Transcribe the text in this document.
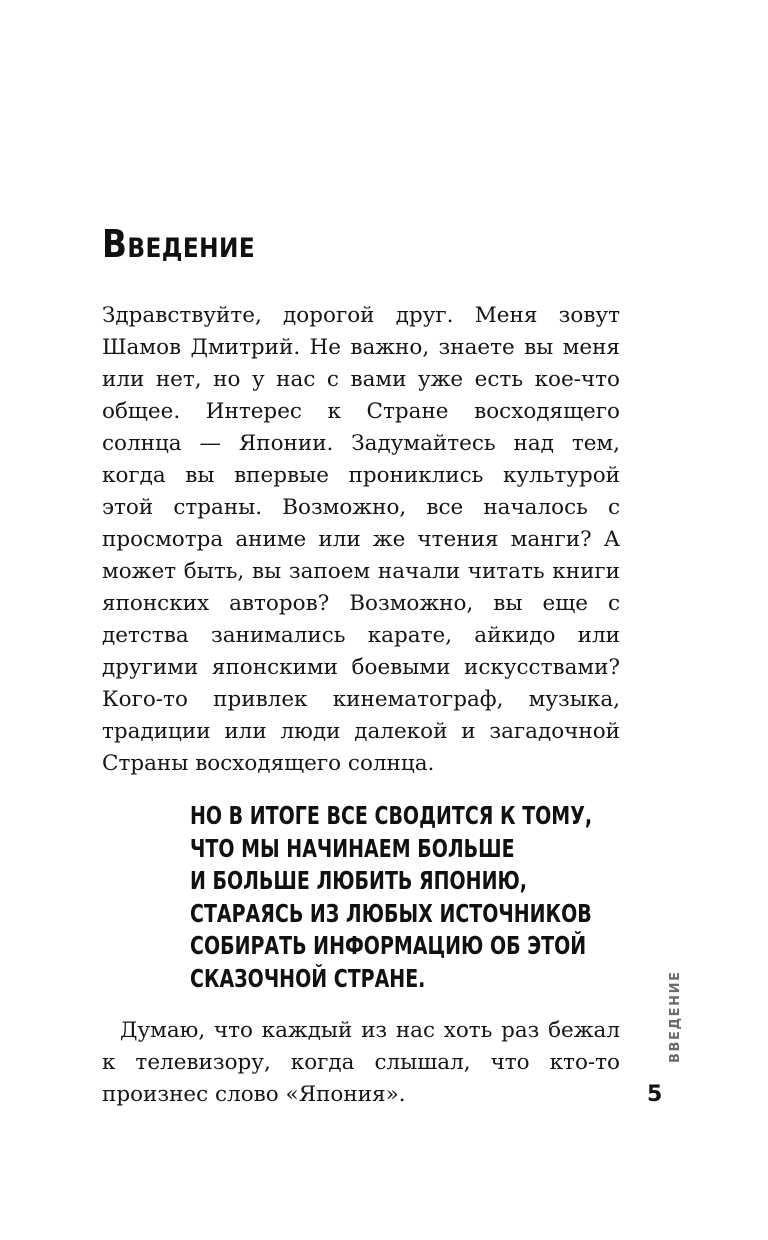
Введение

Здравствуйте, дорогой друг. Меня зовут Шамов Дмитрий. Не важно, знаете вы меня или нет, но у нас с вами уже есть кое-что общее. Интерес к Стране восходящего солнца — Японии. Задумайтесь над тем, когда вы впервые прониклись культурой этой страны. Возможно, все началось с просмотра аниме или же чтения манги? А может быть, вы запоем начали читать книги японских авторов? Возможно, вы еще с детства занимались карате, айкидо или другими японскими боевыми искусствами? Кого-то привлек кинематограф, музыка, традиции или люди далекой и загадочной Страны восходящего солнца.

НО В ИТОГЕ ВСЕ СВОДИТСЯ К ТОМУ,
ЧТО МЫ НАЧИНАЕМ БОЛЬШЕ
И БОЛЬШЕ ЛЮБИТЬ ЯПОНИЮ,
СТАРАЯСЬ ИЗ ЛЮБЫХ ИСТОЧНИКОВ
СОБИРАТЬ ИНФОРМАЦИЮ ОБ ЭТОЙ
СКАЗОЧНОЙ СТРАНЕ.

Думаю, что каждый из нас хоть раз бежал к телевизору, когда слышал, что кто-то произнес слово «Япония».

ВВЕДЕНИЕ
5
